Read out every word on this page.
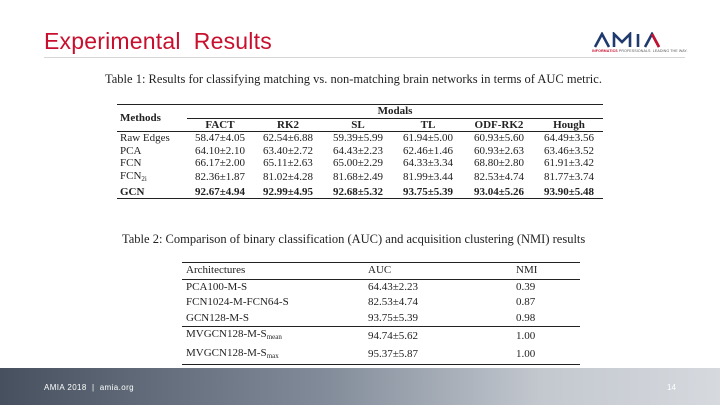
Experimental  Results	INFORMATICS PROFESSIONALS. LEADING THE WAY.
Table 1: Results for classifying matching vs. non-matching brain networks in terms of AUC metric.
Methods	Modals					
	FACT	RK2	SL	TL	ODF-RK2	Hough
Raw Edges	58.47±4.05	62.54±6.88	59.39±5.99	61.94±5.00	60.93±5.60	64.49±3.56
PCA	64.10±2.10	63.40±2.72	64.43±2.23	62.46±1.46	60.93±2.63	63.46±3.52
FCN	66.17±2.00	65.11±2.63	65.00±2.29	64.33±3.34	68.80±2.80	61.91±3.42
$FCN_{2i}$	82.36±1.87	81.02±4.28	81.68±2.49	81.99±3.44	82.53±4.74	81.77±3.74
GCN	92.67±4.94	92.99±4.95	92.68±5.32	93.75±5.39	93.04±5.26	93.90±5.48
Table 2: Comparison of binary classification (AUC) and acquisition clustering (NMI) results
Architectures	AUC	NMI
PCA100-M-S	64.43±2.23	0.39
FCN1024-M-FCN64-S	82.53±4.74	0.87
GCN128-M-S	93.75±5.39	0.98
$MVGCN128-M-S_{mean}$	94.74±5.62	1.00
$MVGCN128-M-S_{max}$	95.37±5.87	1.00
AMIA 2018  |  amia.org	14
